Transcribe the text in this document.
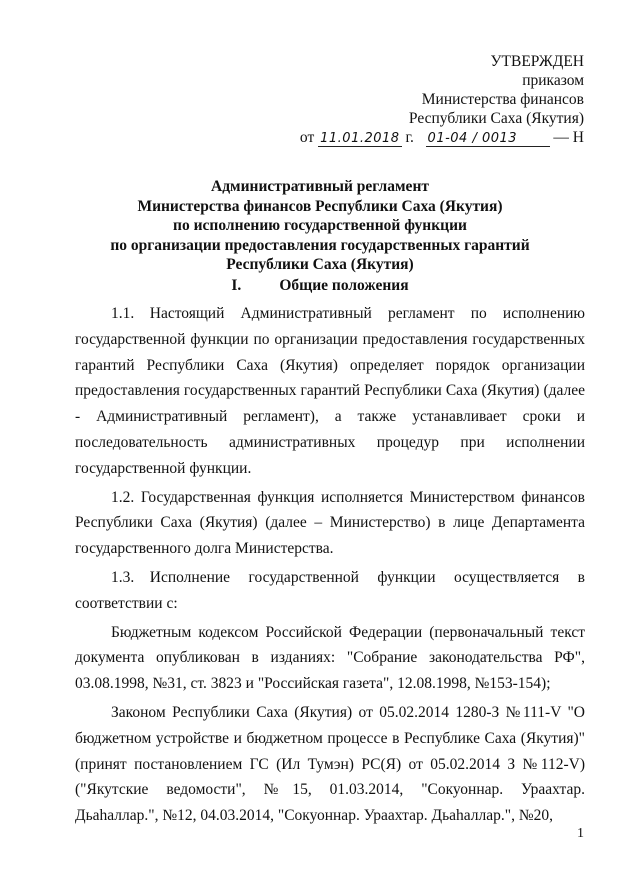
УТВЕРЖДЕН
приказом
Министерства финансов
Республики Саха (Якутия)
от 11.01.2018 г. 01-04 / 0013 — Н
Административный регламент
Министерства финансов Республики Саха (Якутия)
по исполнению государственной функции
по организации предоставления государственных гарантий
Республики Саха (Якутия)
I. Общие положения

1.1. Настоящий Административный регламент по исполнению государственной функции по организации предоставления государственных гарантий Республики Саха (Якутия) определяет порядок организации предоставления государственных гарантий Республики Саха (Якутия) (далее - Административный регламент), а также устанавливает сроки и последовательность административных процедур при исполнении государственной функции.

1.2. Государственная функция исполняется Министерством финансов Республики Саха (Якутия) (далее – Министерство) в лице Департамента государственного долга Министерства.

1.3. Исполнение государственной функции осуществляется в соответствии с:

Бюджетным кодексом Российской Федерации (первоначальный текст документа опубликован в изданиях: "Собрание законодательства РФ", 03.08.1998, №31, ст. 3823 и "Российская газета", 12.08.1998, №153-154);

Законом Республики Саха (Якутия) от 05.02.2014 1280-З №111-V "О бюджетном устройстве и бюджетном процессе в Республике Саха (Якутия)" (принят постановлением ГС (Ил Тумэн) РС(Я) от 05.02.2014 З №112-V) ("Якутские ведомости", №15, 01.03.2014, "Сокуоннар. Ураахтар. Дьаһаллар.", №12, 04.03.2014, "Сокуоннар. Ураахтар. Дьаһаллар.", №20,

1
